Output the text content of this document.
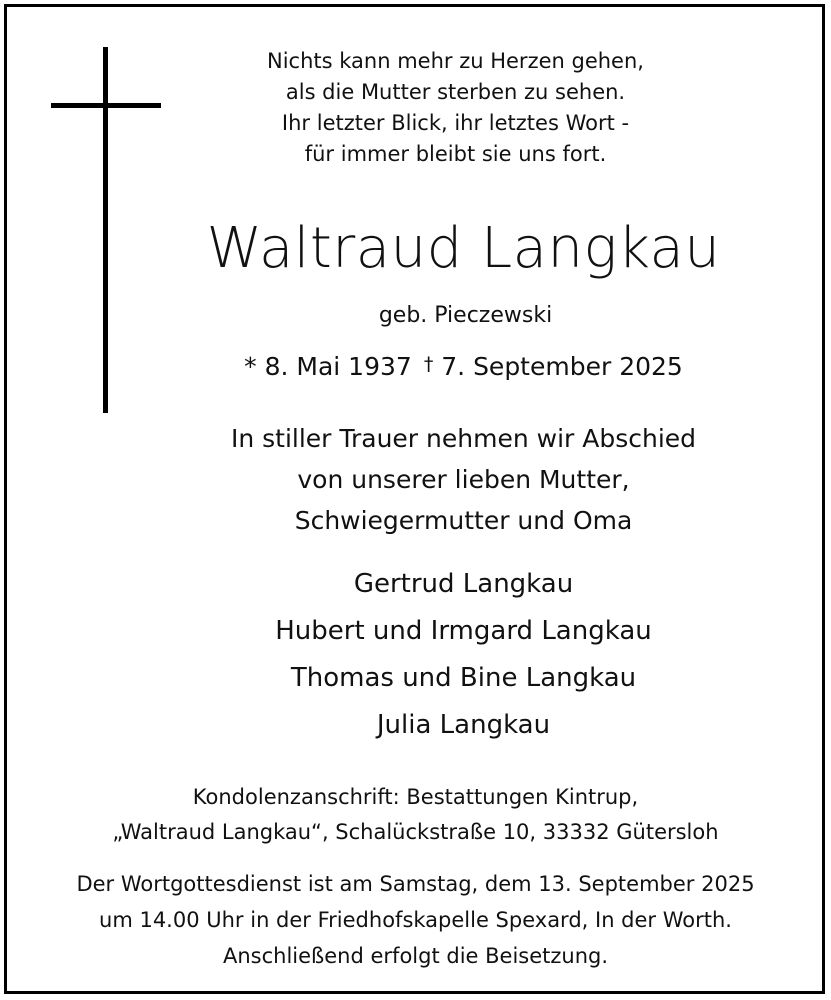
Nichts kann mehr zu Herzen gehen,
als die Mutter sterben zu sehen.
Ihr letzter Blick, ihr letztes Wort -
für immer bleibt sie uns fort.
Waltraud Langkau
geb. Pieczewski
* 8. Mai 1937 † 7. September 2025
In stiller Trauer nehmen wir Abschied
von unserer lieben Mutter,
Schwiegermutter und Oma
Gertrud Langkau
Hubert und Irmgard Langkau
Thomas und Bine Langkau
Julia Langkau
Kondolenzanschrift: Bestattungen Kintrup,
„Waltraud Langkau“, Schalückstraße 10, 33332 Gütersloh
Der Wortgottesdienst ist am Samstag, dem 13. September 2025
um 14.00 Uhr in der Friedhofskapelle Spexard, In der Worth.
Anschließend erfolgt die Beisetzung.
